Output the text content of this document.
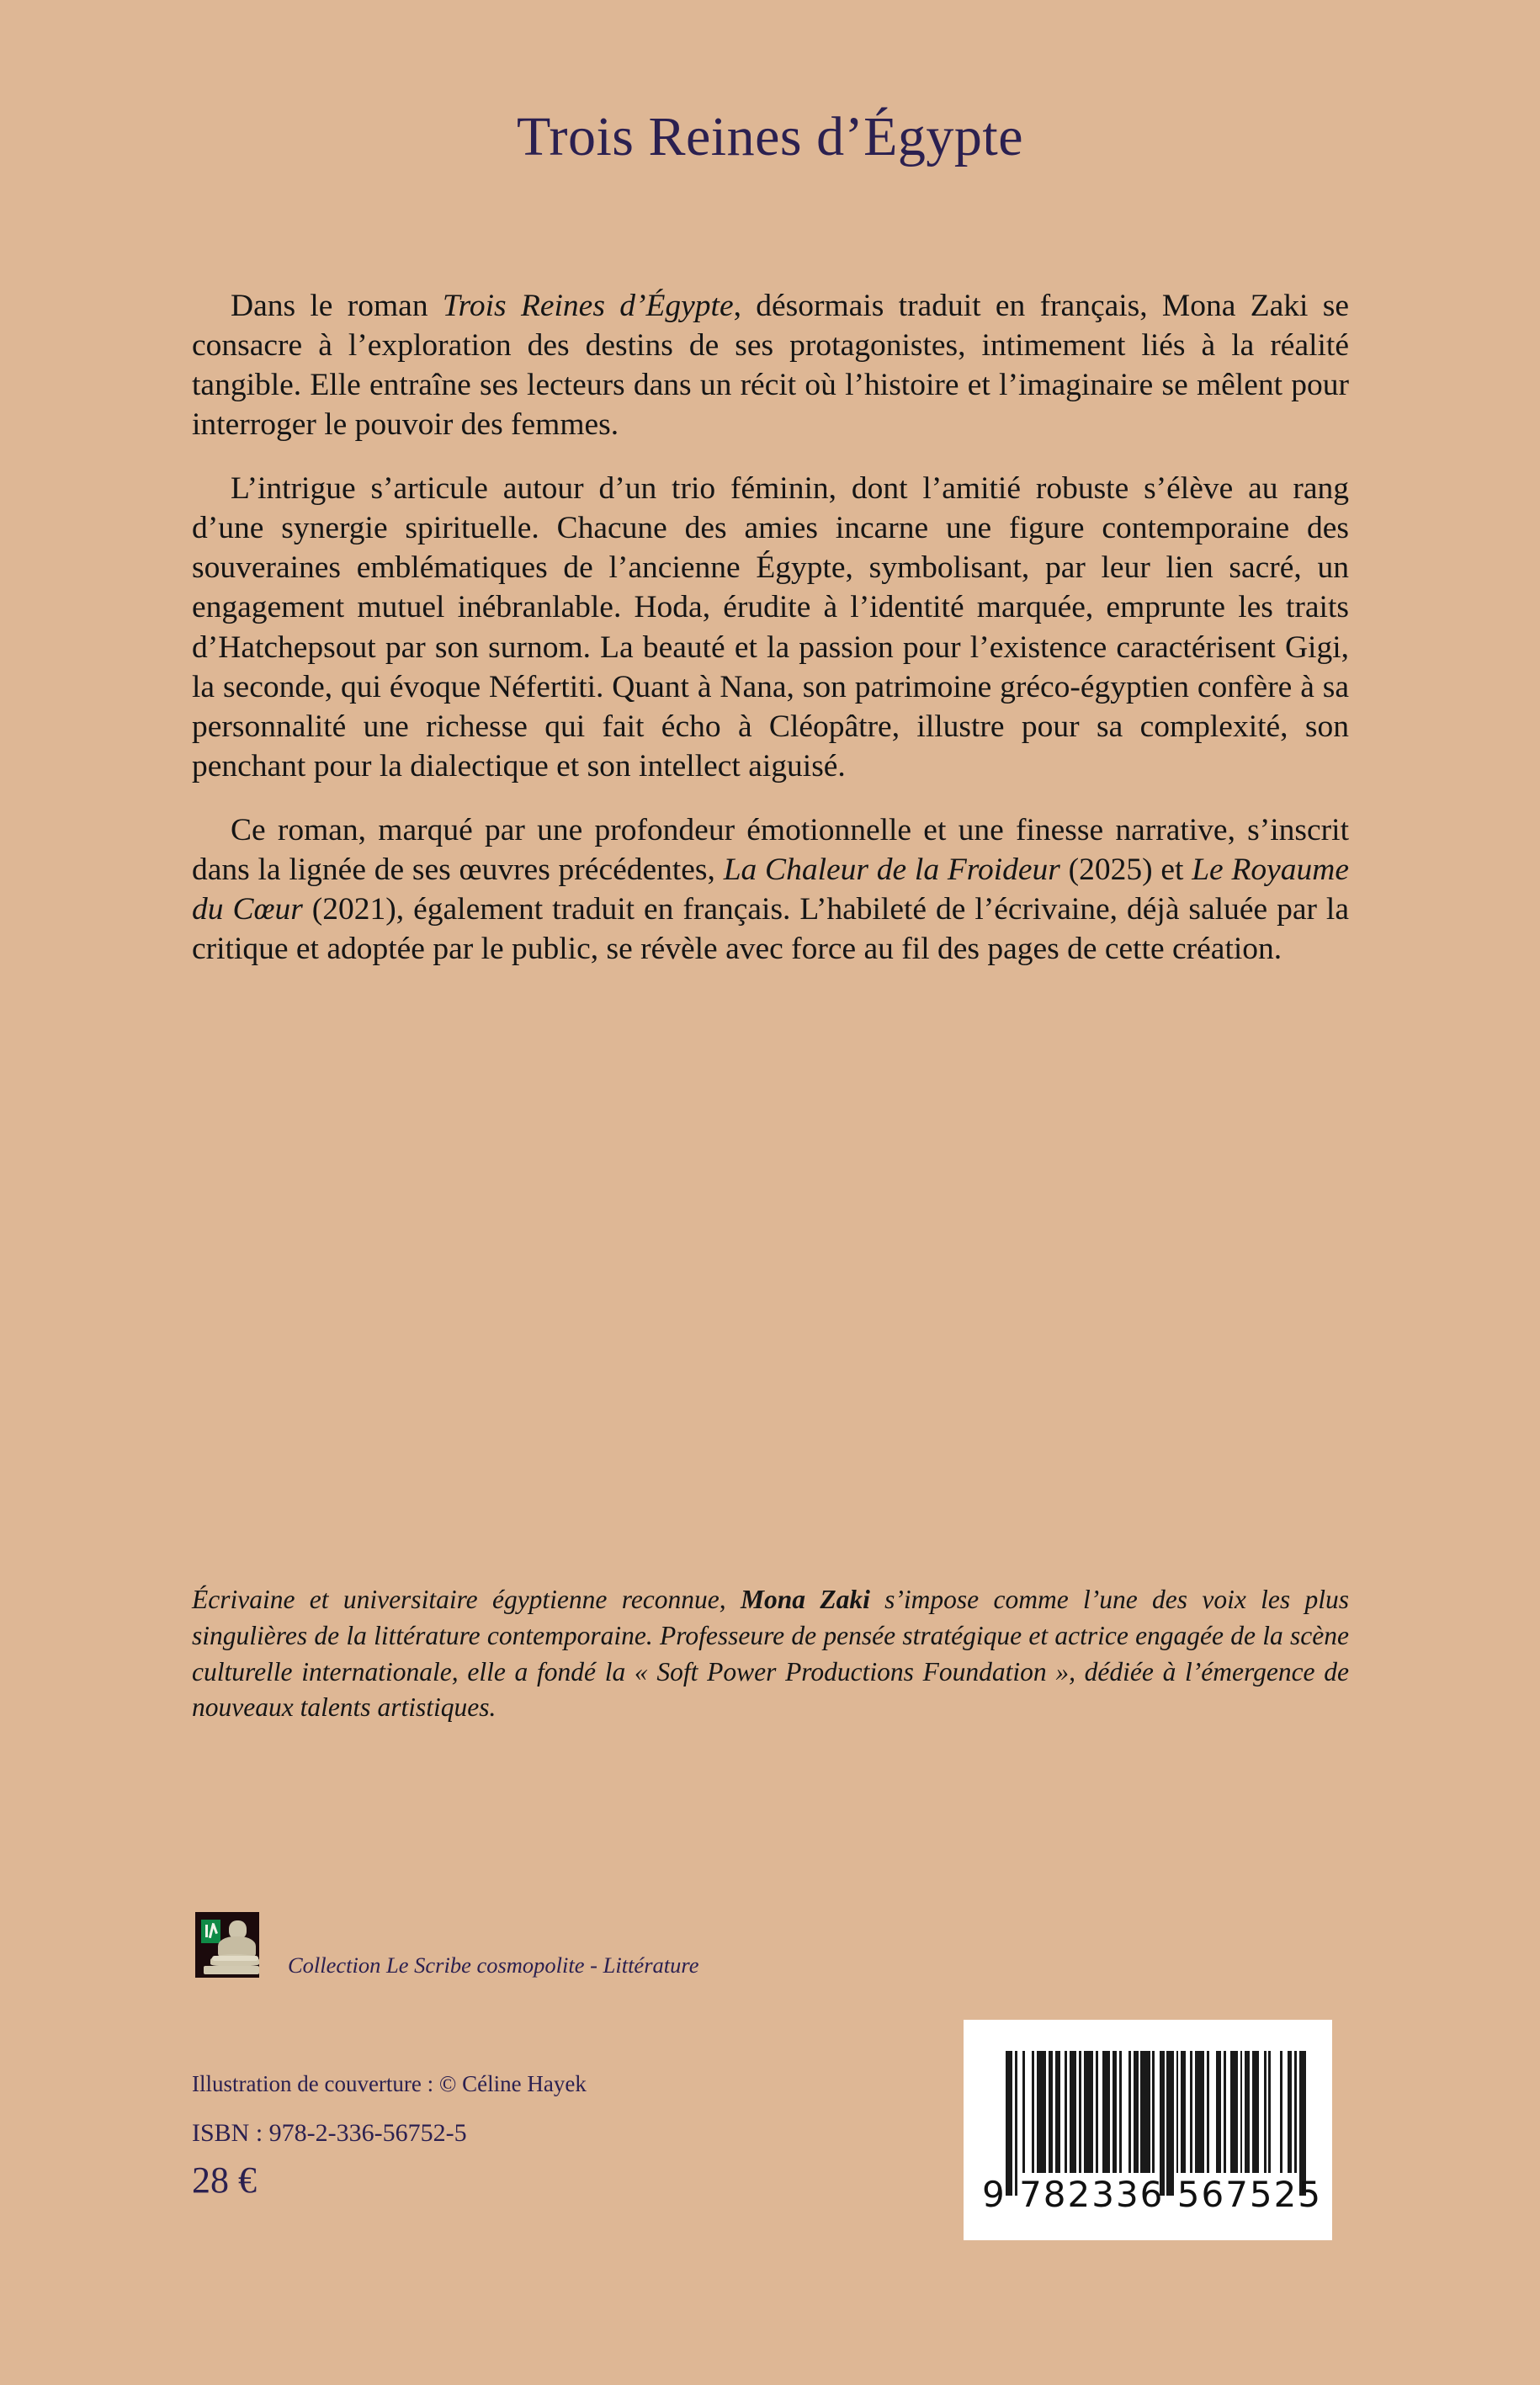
Trois Reines d’Égypte

Dans le roman Trois Reines d’Égypte, désormais traduit en français, Mona Zaki se consacre à l’exploration des destins de ses protagonistes, intimement liés à la réalité tangible. Elle entraîne ses lecteurs dans un récit où l’histoire et l’imaginaire se mêlent pour interroger le pouvoir des femmes.

L’intrigue s’articule autour d’un trio féminin, dont l’amitié robuste s’élève au rang d’une synergie spirituelle. Chacune des amies incarne une figure contemporaine des souveraines emblématiques de l’ancienne Égypte, symbolisant, par leur lien sacré, un engagement mutuel inébranlable. Hoda, érudite à l’identité marquée, emprunte les traits d’Hatchepsout par son surnom. La beauté et la passion pour l’existence caractérisent Gigi, la seconde, qui évoque Néfertiti. Quant à Nana, son patrimoine gréco-égyptien confère à sa personnalité une richesse qui fait écho à Cléopâtre, illustre pour sa complexité, son penchant pour la dialectique et son intellect aiguisé.

Ce roman, marqué par une profondeur émotionnelle et une finesse narrative, s’inscrit dans la lignée de ses œuvres précédentes, La Chaleur de la Froideur (2025) et Le Royaume du Cœur (2021), également traduit en français. L’habileté de l’écrivaine, déjà saluée par la critique et adoptée par le public, se révèle avec force au fil des pages de cette création.

Écrivaine et universitaire égyptienne reconnue, Mona Zaki s’impose comme l’une des voix les plus singulières de la littérature contemporaine. Professeure de pensée stratégique et actrice engagée de la scène culturelle internationale, elle a fondé la « Soft Power Productions Foundation », dédiée à l’émergence de nouveaux talents artistiques.
Collection Le Scribe cosmopolite - Littérature
Illustration de couverture : © Céline Hayek
ISBN : 978-2-336-56752-5
28 €	9 782336 567525
